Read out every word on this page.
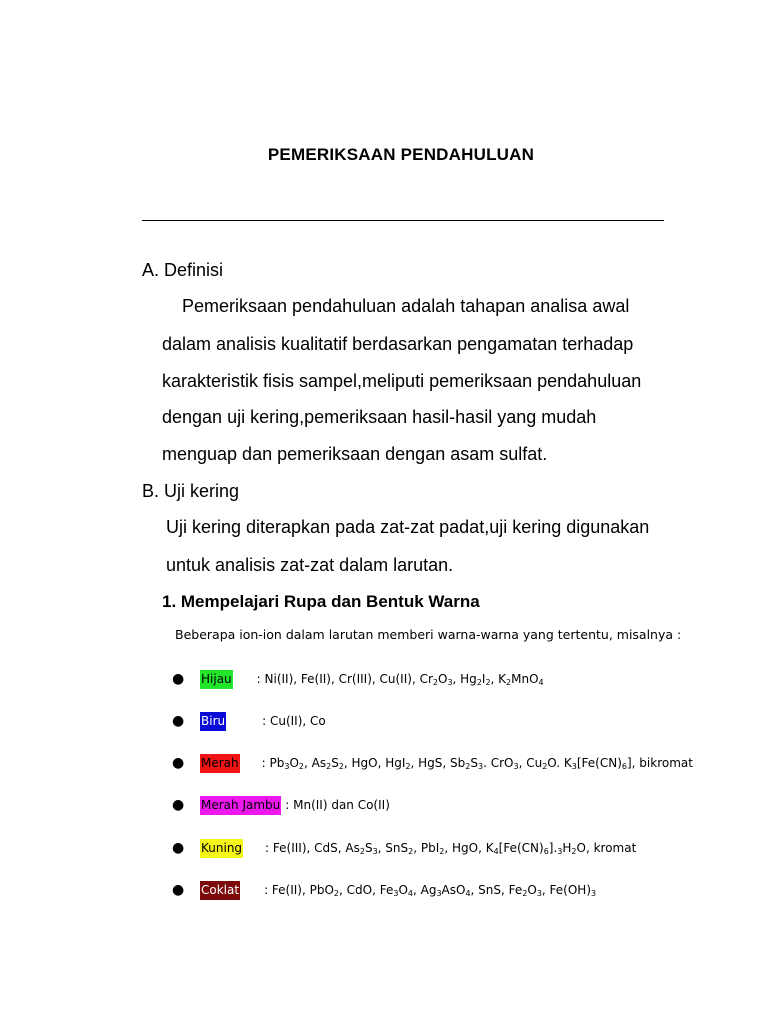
PEMERIKSAAN PENDAHULUAN
A. Definisi
Pemeriksaan pendahuluan adalah tahapan analisa awal
dalam analisis kualitatif berdasarkan pengamatan terhadap
karakteristik fisis sampel,meliputi pemeriksaan pendahuluan
dengan uji kering,pemeriksaan hasil-hasil yang mudah
menguap dan pemeriksaan dengan asam sulfat.
B. Uji kering
Uji kering diterapkan pada zat-zat padat,uji kering digunakan
untuk analisis zat-zat dalam larutan.
1. Mempelajari Rupa dan Bentuk Warna
Beberapa ion-ion dalam larutan memberi warna-warna yang tertentu, misalnya :
●	Hijau : Ni(II), Fe(II), Cr(III), Cu(II), $Cr_2O_3$, $Hg_2I_2$, $K_2MnO_4$
●	Biru	: Cu(II), Co
●	Merah : $Pb_3O_2$, $As_2S_2$, HgO, HgI$_2$, HgS, $Sb_2S_3$. CrO$_3$, $Cu_2O$. $K_3[Fe(CN)_6]$, bikromat
●	Merah Jambu : Mn(II) dan Co(II)
●	Kuning : Fe(III), CdS, $As_2S_3$, SnS$_2$, PbI$_2$, HgO, $K_4[Fe(CN)_6]._3H_2O$, kromat
●	Coklat : Fe(II), PbO$_2$, CdO, $Fe_3O_4$, $Ag_3AsO_4$, SnS, $Fe_2O_3$, $Fe(OH)_3$
